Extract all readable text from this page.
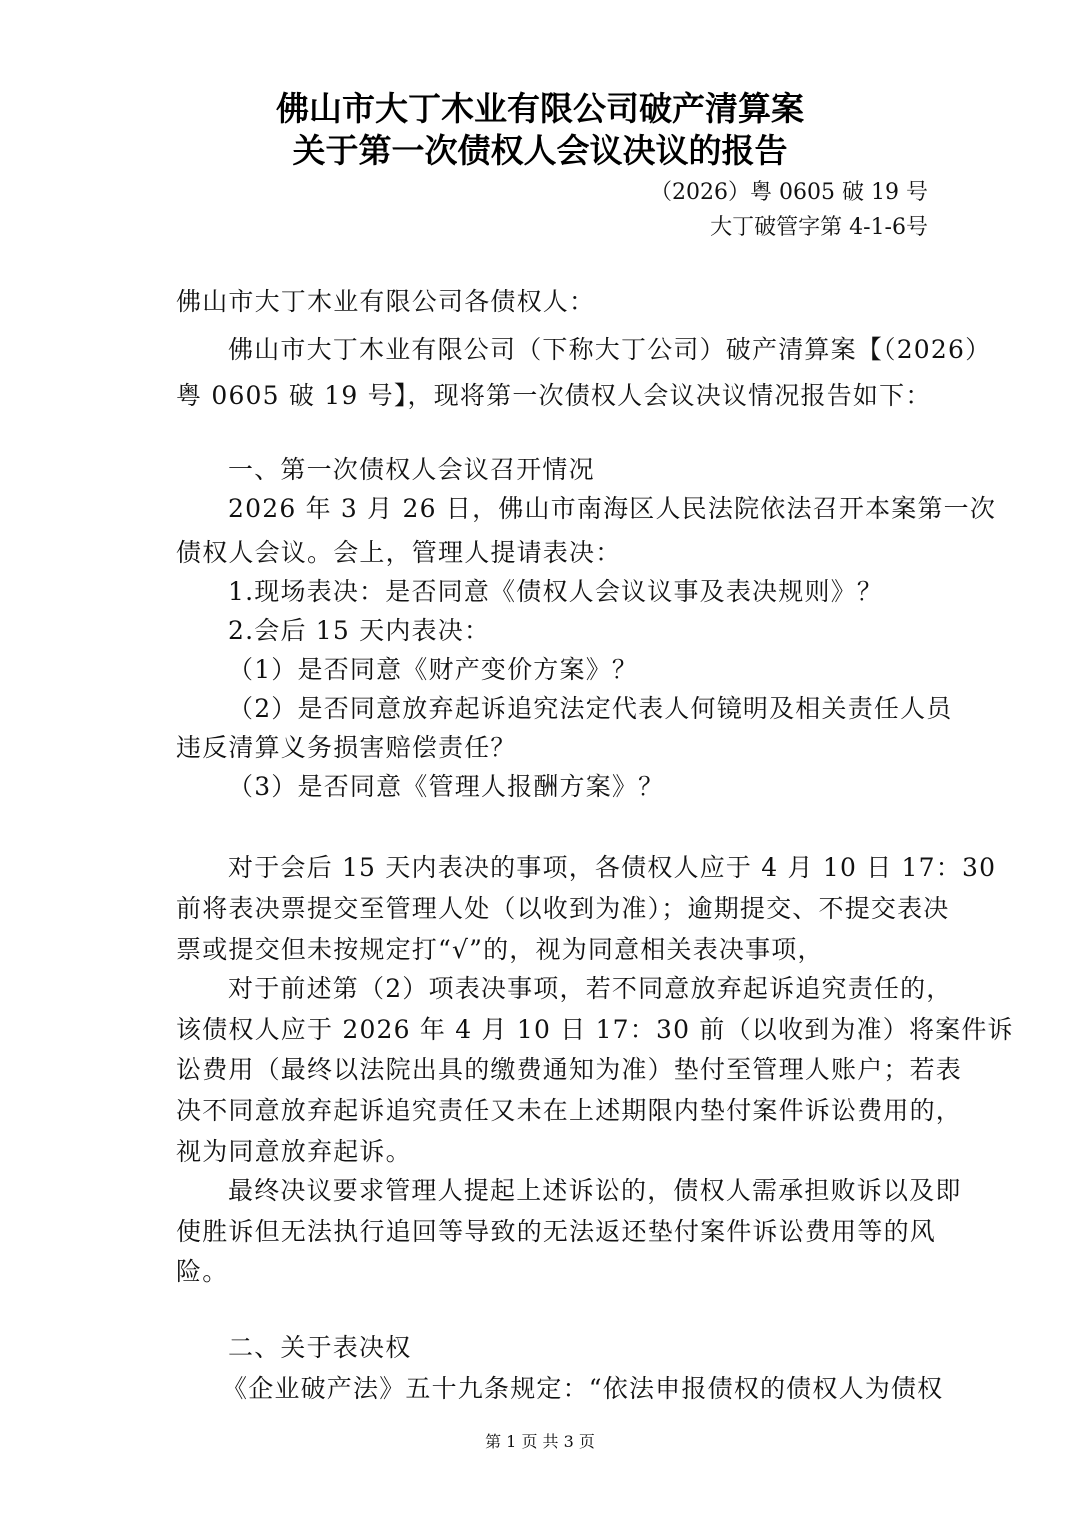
佛山市大丁木业有限公司破产清算案
关于第一次债权人会议决议的报告
（2026）粤 0605 破 19 号
大丁破管字第 4-1-6号
佛山市大丁木业有限公司各债权人：
佛山市大丁木业有限公司（下称大丁公司）破产清算案【（2026）
粤 0605 破 19 号】，现将第一次债权人会议决议情况报告如下：
一、第一次债权人会议召开情况
2026 年 3 月 26 日，佛山市南海区人民法院依法召开本案第一次
债权人会议。会上，管理人提请表决：
1.现场表决：是否同意《债权人会议议事及表决规则》？
2.会后 15 天内表决：
（1）是否同意《财产变价方案》？
（2）是否同意放弃起诉追究法定代表人何镜明及相关责任人员
违反清算义务损害赔偿责任？
（3）是否同意《管理人报酬方案》？
对于会后 15 天内表决的事项，各债权人应于 4 月 10 日 17：30
前将表决票提交至管理人处（以收到为准）；逾期提交、不提交表决
票或提交但未按规定打“√”的，视为同意相关表决事项，
对于前述第（2）项表决事项，若不同意放弃起诉追究责任的，
该债权人应于 2026 年 4 月 10 日 17：30 前（以收到为准）将案件诉
讼费用（最终以法院出具的缴费通知为准）垫付至管理人账户；若表
决不同意放弃起诉追究责任又未在上述期限内垫付案件诉讼费用的，
视为同意放弃起诉。
最终决议要求管理人提起上述诉讼的，债权人需承担败诉以及即
使胜诉但无法执行追回等导致的无法返还垫付案件诉讼费用等的风
险。
二、关于表决权
《企业破产法》五十九条规定：“依法申报债权的债权人为债权
第 1 页 共 3 页
